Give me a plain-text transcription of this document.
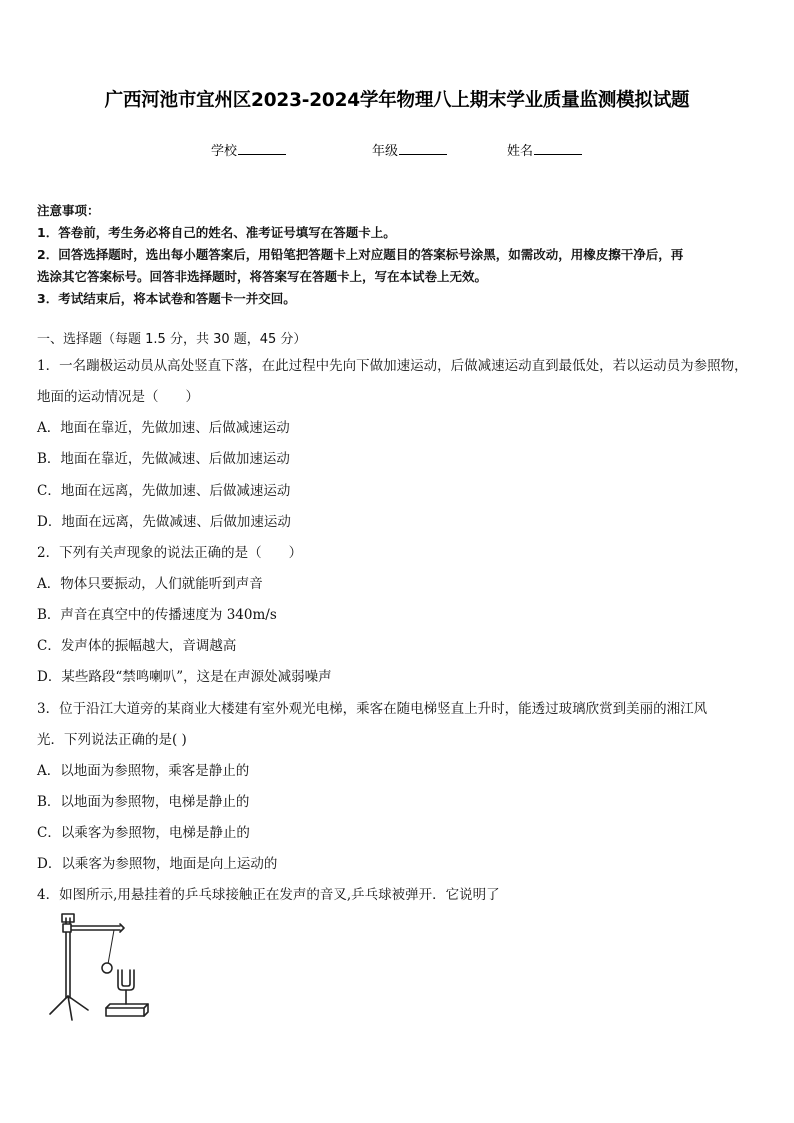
广西河池市宜州区2023-2024学年物理八上期末学业质量监测模拟试题
学校	年级	姓名
注意事项：
1．答卷前，考生务必将自己的姓名、准考证号填写在答题卡上。
2．回答选择题时，选出每小题答案后，用铅笔把答题卡上对应题目的答案标号涂黑，如需改动，用橡皮擦干净后，再
选涂其它答案标号。回答非选择题时，将答案写在答题卡上，写在本试卷上无效。
3．考试结束后，将本试卷和答题卡一并交回。
一、选择题（每题 1.5 分，共 30 题，45 分）
1．一名蹦极运动员从高处竖直下落，在此过程中先向下做加速运动，后做减速运动直到最低处，若以运动员为参照物，
地面的运动情况是（　　）
A．地面在靠近，先做加速、后做减速运动
B．地面在靠近，先做减速、后做加速运动
C．地面在远离，先做加速、后做减速运动
D．地面在远离，先做减速、后做加速运动
2．下列有关声现象的说法正确的是（　　）
A．物体只要振动，人们就能听到声音
B．声音在真空中的传播速度为 340m/s
C．发声体的振幅越大，音调越高
D．某些路段“禁鸣喇叭”，这是在声源处减弱噪声
3．位于沿江大道旁的某商业大楼建有室外观光电梯，乘客在随电梯竖直上升时，能透过玻璃欣赏到美丽的湘江风
光．下列说法正确的是( )
A．以地面为参照物，乘客是静止的
B．以地面为参照物，电梯是静止的
C．以乘客为参照物，电梯是静止的
D．以乘客为参照物，地面是向上运动的
4．如图所示,用悬挂着的乒乓球接触正在发声的音叉,乒乓球被弹开．它说明了
